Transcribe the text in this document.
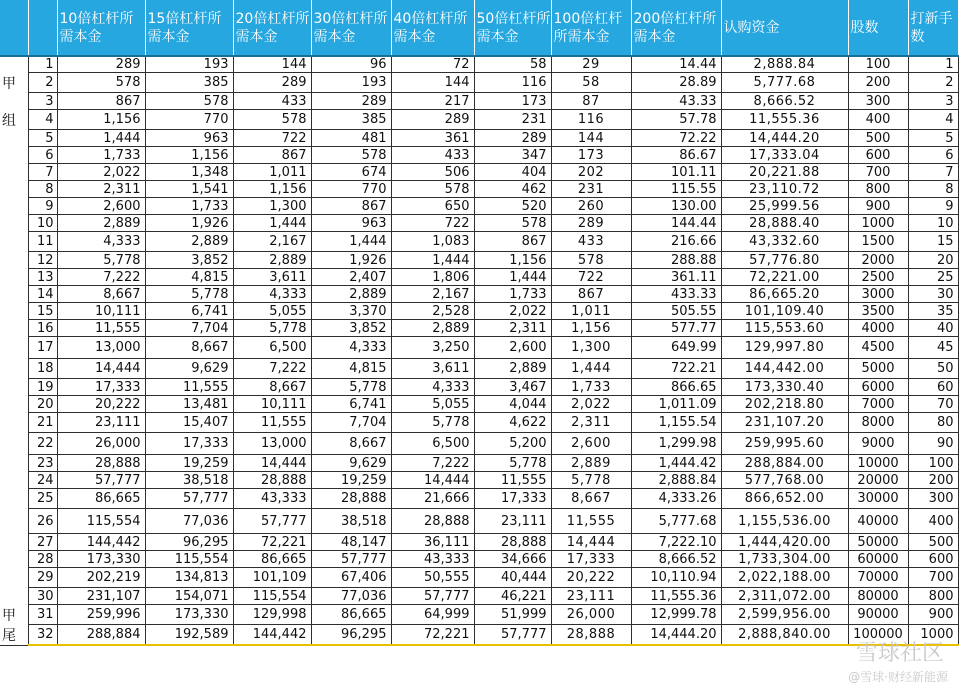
		10倍杠杆所需本金	15倍杠杆所需本金	20倍杠杆所需本金	30倍杠杆所需本金	40倍杠杆所需本金	50倍杠杆所需本金	100倍杠杆所需本金	200倍杠杆所需本金	认购资金	股数	打新手数
	1	289	193	144	96	72	58	29	14.44	2,888.84	100	1
甲	2	578	385	289	193	144	116	58	28.89	5,777.68	200	2
	3	867	578	433	289	217	173	87	43.33	8,666.52	300	3
组	4	1,156	770	578	385	289	231	116	57.78	11,555.36	400	4
	5	1,444	963	722	481	361	289	144	72.22	14,444.20	500	5
	6	1,733	1,156	867	578	433	347	173	86.67	17,333.04	600	6
	7	2,022	1,348	1,011	674	506	404	202	101.11	20,221.88	700	7
	8	2,311	1,541	1,156	770	578	462	231	115.55	23,110.72	800	8
	9	2,600	1,733	1,300	867	650	520	260	130.00	25,999.56	900	9
	10	2,889	1,926	1,444	963	722	578	289	144.44	28,888.40	1000	10
	11	4,333	2,889	2,167	1,444	1,083	867	433	216.66	43,332.60	1500	15
	12	5,778	3,852	2,889	1,926	1,444	1,156	578	288.88	57,776.80	2000	20
	13	7,222	4,815	3,611	2,407	1,806	1,444	722	361.11	72,221.00	2500	25
	14	8,667	5,778	4,333	2,889	2,167	1,733	867	433.33	86,665.20	3000	30
	15	10,111	6,741	5,055	3,370	2,528	2,022	1,011	505.55	101,109.40	3500	35
	16	11,555	7,704	5,778	3,852	2,889	2,311	1,156	577.77	115,553.60	4000	40
	17	13,000	8,667	6,500	4,333	3,250	2,600	1,300	649.99	129,997.80	4500	45
	18	14,444	9,629	7,222	4,815	3,611	2,889	1,444	722.21	144,442.00	5000	50
	19	17,333	11,555	8,667	5,778	4,333	3,467	1,733	866.65	173,330.40	6000	60
	20	20,222	13,481	10,111	6,741	5,055	4,044	2,022	1,011.09	202,218.80	7000	70
	21	23,111	15,407	11,555	7,704	5,778	4,622	2,311	1,155.54	231,107.20	8000	80
	22	26,000	17,333	13,000	8,667	6,500	5,200	2,600	1,299.98	259,995.60	9000	90
	23	28,888	19,259	14,444	9,629	7,222	5,778	2,889	1,444.42	288,884.00	10000	100
	24	57,777	38,518	28,888	19,259	14,444	11,555	5,778	2,888.84	577,768.00	20000	200
	25	86,665	57,777	43,333	28,888	21,666	17,333	8,667	4,333.26	866,652.00	30000	300
	26	115,554	77,036	57,777	38,518	28,888	23,111	11,555	5,777.68	1,155,536.00	40000	400
	27	144,442	96,295	72,221	48,147	36,111	28,888	14,444	7,222.10	1,444,420.00	50000	500
	28	173,330	115,554	86,665	57,777	43,333	34,666	17,333	8,666.52	1,733,304.00	60000	600
	29	202,219	134,813	101,109	67,406	50,555	40,444	20,222	10,110.94	2,022,188.00	70000	700
	30	231,107	154,071	115,554	77,036	57,777	46,221	23,111	11,555.36	2,311,072.00	80000	800
甲	31	259,996	173,330	129,998	86,665	64,999	51,999	26,000	12,999.78	2,599,956.00	90000	900
尾	32	288,884	192,589	144,442	96,295	72,221	57,777	28,888	14,444.20	2,888,840.00	100000	1000
雪球社区
@雪球·财经新能源
